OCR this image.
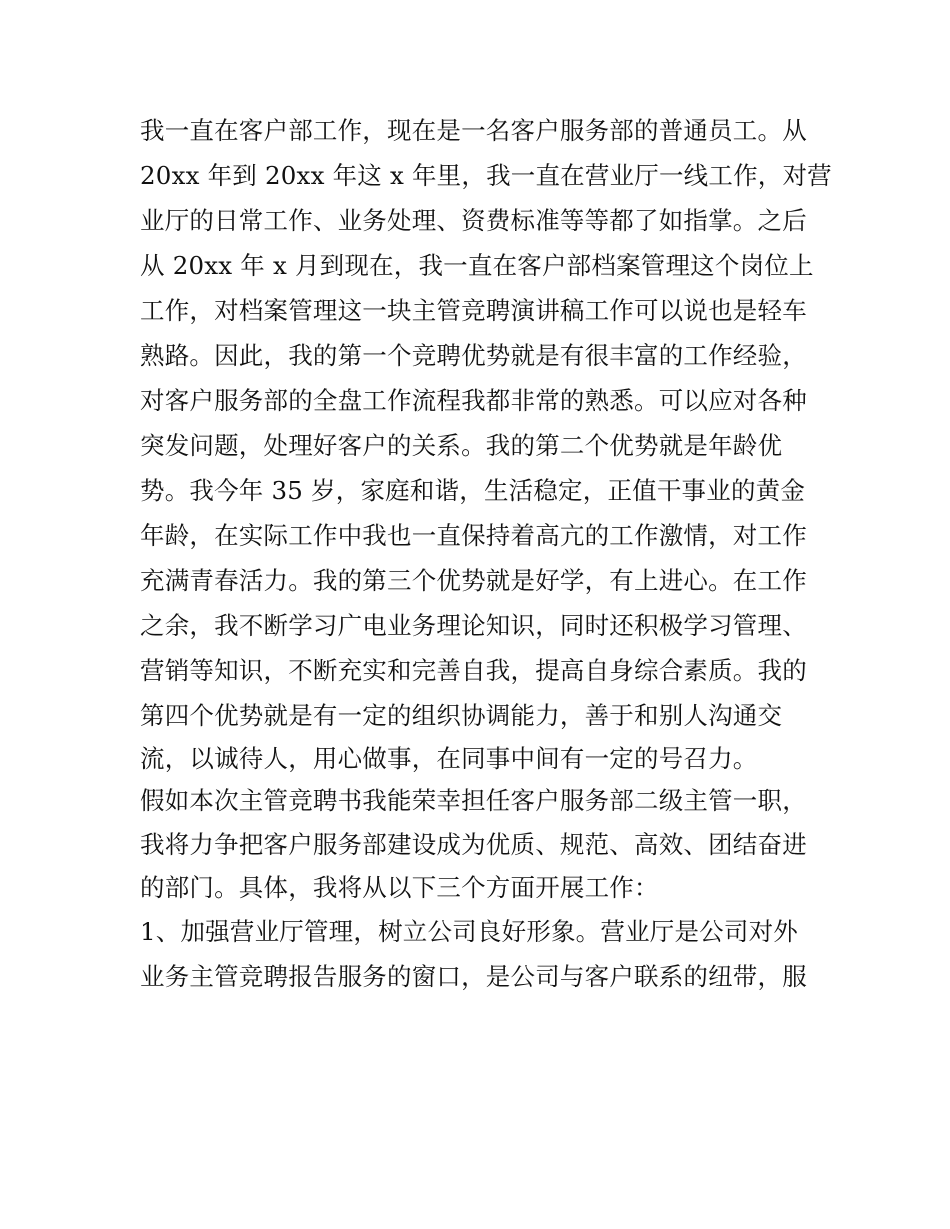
我一直在客户部工作，现在是一名客户服务部的普通员工。从
20xx 年到 20xx 年这 x 年里，我一直在营业厅一线工作，对营
业厅的日常工作、业务处理、资费标准等等都了如指掌。之后
从 20xx 年 x 月到现在，我一直在客户部档案管理这个岗位上
工作，对档案管理这一块主管竞聘演讲稿工作可以说也是轻车
熟路。因此，我的第一个竞聘优势就是有很丰富的工作经验，
对客户服务部的全盘工作流程我都非常的熟悉。可以应对各种
突发问题，处理好客户的关系。我的第二个优势就是年龄优
势。我今年 35 岁，家庭和谐，生活稳定，正值干事业的黄金
年龄，在实际工作中我也一直保持着高亢的工作激情，对工作
充满青春活力。我的第三个优势就是好学，有上进心。在工作
之余，我不断学习广电业务理论知识，同时还积极学习管理、
营销等知识，不断充实和完善自我，提高自身综合素质。我的
第四个优势就是有一定的组织协调能力，善于和别人沟通交
流，以诚待人，用心做事，在同事中间有一定的号召力。
假如本次主管竞聘书我能荣幸担任客户服务部二级主管一职，
我将力争把客户服务部建设成为优质、规范、高效、团结奋进
的部门。具体，我将从以下三个方面开展工作：
1、加强营业厅管理，树立公司良好形象。营业厅是公司对外
业务主管竞聘报告服务的窗口，是公司与客户联系的纽带，服
